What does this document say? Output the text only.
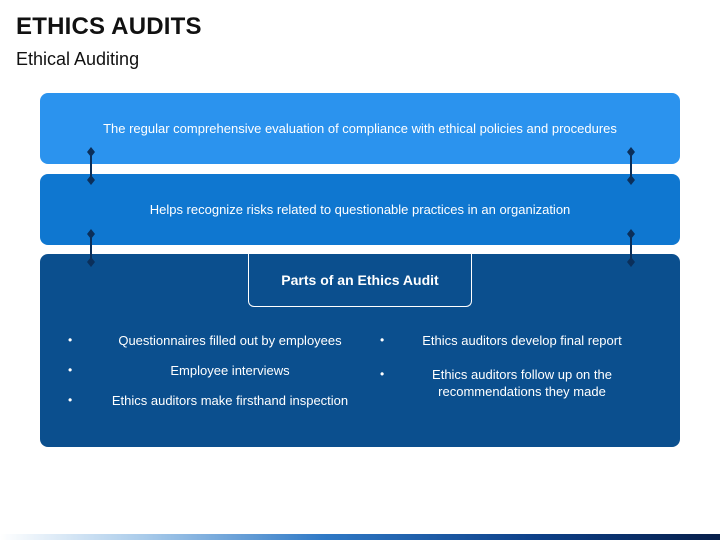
ETHICS AUDITS
Ethical Auditing
The regular comprehensive evaluation of compliance with ethical policies and procedures
Helps recognize risks related to questionable practices in an organization
Parts of an Ethics Audit
• Questionnaires filled out by employees
• Employee interviews
• Ethics auditors make firsthand inspection
• Ethics auditors develop final report
• Ethics auditors follow up on the recommendations they made
